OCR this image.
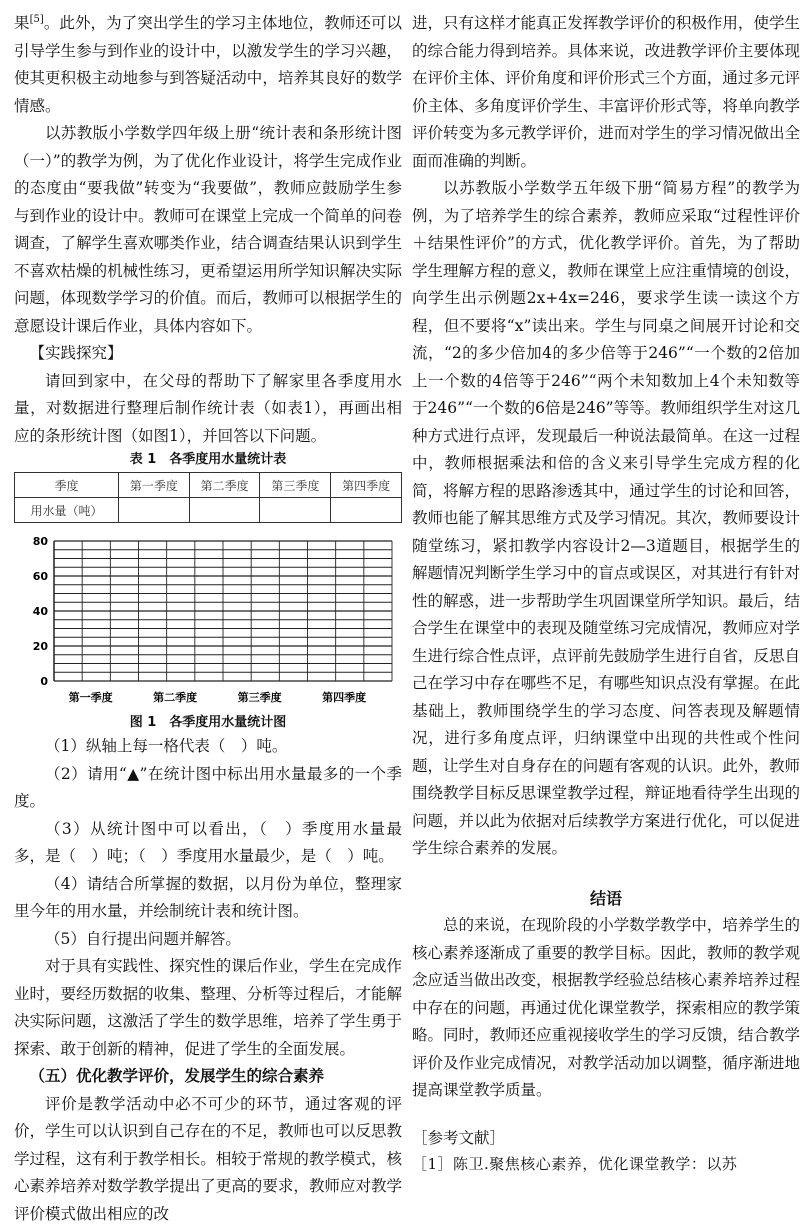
果[5]。此外，为了突出学生的学习主体地位，教师还可以引导学生参与到作业的设计中，以激发学生的学习兴趣，使其更积极主动地参与到答疑活动中，培养其良好的数学情感。

以苏教版小学数学四年级上册“统计表和条形统计图（一）”的教学为例，为了优化作业设计，将学生完成作业的态度由“要我做”转变为“我要做”，教师应鼓励学生参与到作业的设计中。教师可在课堂上完成一个简单的问卷调查，了解学生喜欢哪类作业，结合调查结果认识到学生不喜欢枯燥的机械性练习，更希望运用所学知识解决实际问题，体现数学学习的价值。而后，教师可以根据学生的意愿设计课后作业，具体内容如下。

【实践探究】

请回到家中，在父母的帮助下了解家里各季度用水量，对数据进行整理后制作统计表（如表1），再画出相应的条形统计图（如图1），并回答以下问题。

表 1　各季度用水量统计表
季度	第一季度	第二季度	第三季度	第四季度
用水量（吨）				
0
20
40
60
80
第一季度	第二季度	第三季度	第四季度
图 1　各季度用水量统计图

（1）纵轴上每一格代表（　）吨。

（2）请用“▲”在统计图中标出用水量最多的一个季度。

（3）从统计图中可以看出，（　）季度用水量最多，是（　）吨；（　）季度用水量最少，是（　）吨。

（4）请结合所掌握的数据，以月份为单位，整理家里今年的用水量，并绘制统计表和统计图。

（5）自行提出问题并解答。

对于具有实践性、探究性的课后作业，学生在完成作业时，要经历数据的收集、整理、分析等过程后，才能解决实际问题，这激活了学生的数学思维，培养了学生勇于探索、敢于创新的精神，促进了学生的全面发展。

（五）优化教学评价，发展学生的综合素养

评价是教学活动中必不可少的环节，通过客观的评价，学生可以认识到自己存在的不足，教师也可以反思教学过程，这有利于教学相长。相较于常规的教学模式，核心素养培养对数学教学提出了更高的要求，教师应对教学评价模式做出相应的改

进，只有这样才能真正发挥教学评价的积极作用，使学生的综合能力得到培养。具体来说，改进教学评价主要体现在评价主体、评价角度和评价形式三个方面，通过多元评价主体、多角度评价学生、丰富评价形式等，将单向教学评价转变为多元教学评价，进而对学生的学习情况做出全面而准确的判断。

以苏教版小学数学五年级下册“简易方程”的教学为例，为了培养学生的综合素养，教师应采取“过程性评价＋结果性评价”的方式，优化教学评价。首先，为了帮助学生理解方程的意义，教师在课堂上应注重情境的创设，向学生出示例题2x+4x=246，要求学生读一读这个方程，但不要将“x”读出来。学生与同桌之间展开讨论和交流，“2的多少倍加4的多少倍等于246”“一个数的2倍加上一个数的4倍等于246”“两个未知数加上4个未知数等于246”“一个数的6倍是246”等等。教师组织学生对这几种方式进行点评，发现最后一种说法最简单。在这一过程中，教师根据乘法和倍的含义来引导学生完成方程的化简，将解方程的思路渗透其中，通过学生的讨论和回答，教师也能了解其思维方式及学习情况。其次，教师要设计随堂练习，紧扣教学内容设计2—3道题目，根据学生的解题情况判断学生学习中的盲点或误区，对其进行有针对性的解惑，进一步帮助学生巩固课堂所学知识。最后，结合学生在课堂中的表现及随堂练习完成情况，教师应对学生进行综合性点评，点评前先鼓励学生进行自省，反思自己在学习中存在哪些不足，有哪些知识点没有掌握。在此基础上，教师围绕学生的学习态度、问答表现及解题情况，进行多角度点评，归纳课堂中出现的共性或个性问题，让学生对自身存在的问题有客观的认识。此外，教师围绕教学目标反思课堂教学过程，辩证地看待学生出现的问题，并以此为依据对后续教学方案进行优化，可以促进学生综合素养的发展。

结语

总的来说，在现阶段的小学数学教学中，培养学生的核心素养逐渐成了重要的教学目标。因此，教师的教学观念应适当做出改变，根据教学经验总结核心素养培养过程中存在的问题，再通过优化课堂教学，探索相应的教学策略。同时，教师还应重视接收学生的学习反馈，结合教学评价及作业完成情况，对教学活动加以调整，循序渐进地提高课堂教学质量。

［参考文献］
［1］陈卫.聚焦核心素养，优化课堂教学：以苏
